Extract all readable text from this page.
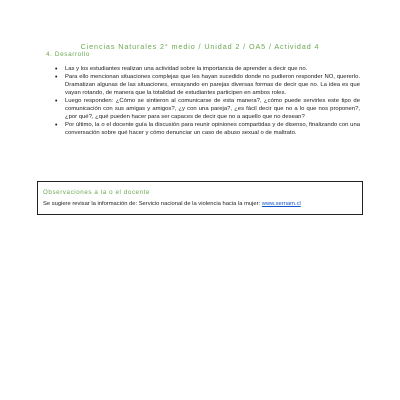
Ciencias Naturales 2° medio / Unidad 2 / OA5 / Actividad 4
4. Desarrollo
• Las y los estudiantes realizan una actividad sobre la importancia de aprender a decir que no.
• Para ello mencionan situaciones complejas que les hayan sucedido donde no pudieron responder NO, quererlo. Dramatizan algunas de las situaciones, ensayando en parejas diversas formas de decir que no. La idea es que vayan rotando, de manera que la totalidad de estudiantes participen en ambos roles.
• Luego responden: ¿Cómo se sintieron al comunicarse de esta manera?, ¿cómo puede servirles este tipo de comunicación con sus amigas y amigos?, ¿y con una pareja?, ¿es fácil decir que no a lo que nos proponen?, ¿por qué?, ¿qué pueden hacer para ser capaces de decir que no a aquello que no desean?
• Por último, la o el docente guía la discusión para reunir opiniones compartidas y de disenso, finalizando con una conversación sobre qué hacer y cómo denunciar un caso de abuso sexual o de maltrato.
Observaciones a la o el docente
Se sugiere revisar la información de: Servicio nacional de la violencia hacia la mujer: www.sernam.cl
